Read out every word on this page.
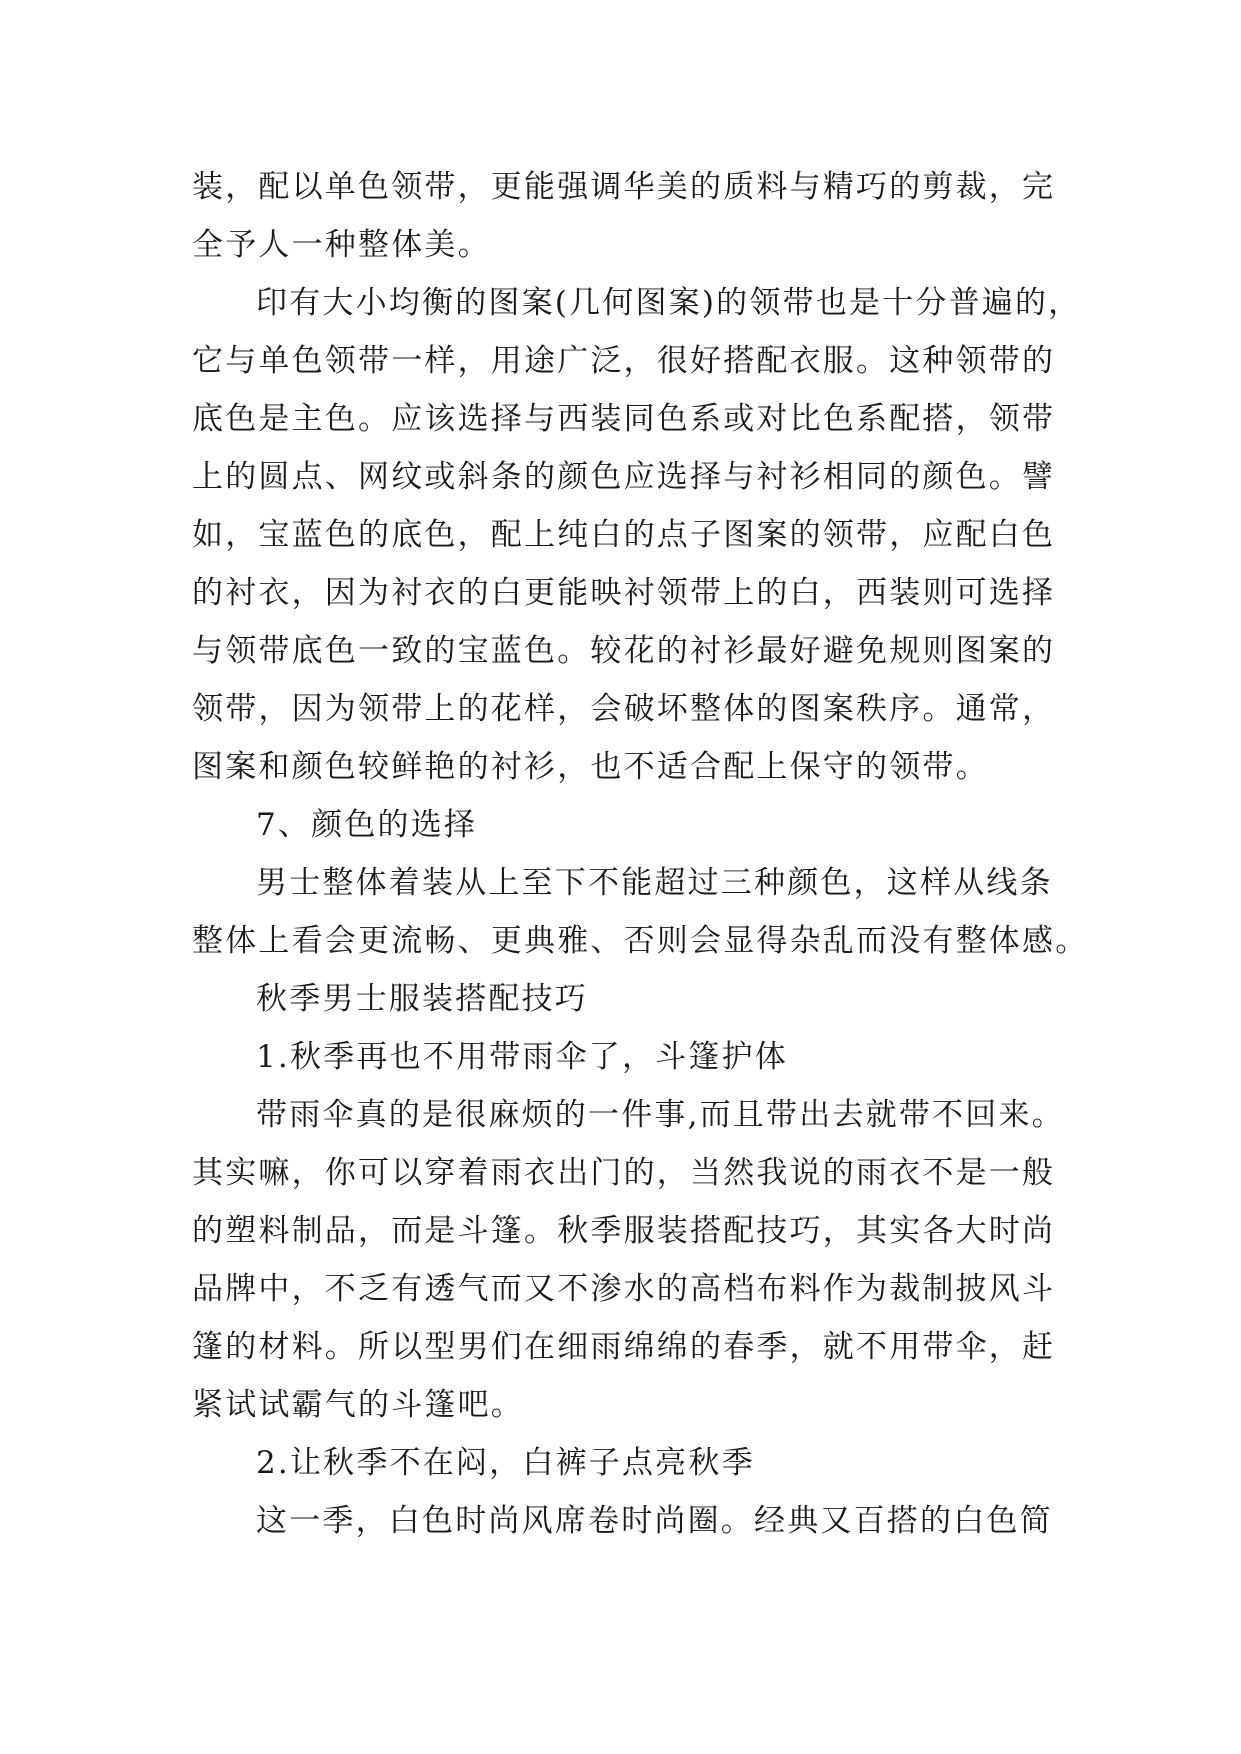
装，配以单色领带，更能强调华美的质料与精巧的剪裁，完
全予人一种整体美。
印有大小均衡的图案(几何图案)的领带也是十分普遍的，
它与单色领带一样，用途广泛，很好搭配衣服。这种领带的
底色是主色。应该选择与西装同色系或对比色系配搭，领带
上的圆点、网纹或斜条的颜色应选择与衬衫相同的颜色。譬
如，宝蓝色的底色，配上纯白的点子图案的领带，应配白色
的衬衣，因为衬衣的白更能映衬领带上的白，西装则可选择
与领带底色一致的宝蓝色。较花的衬衫最好避免规则图案的
领带，因为领带上的花样，会破坏整体的图案秩序。通常，
图案和颜色较鲜艳的衬衫，也不适合配上保守的领带。
7、颜色的选择
男士整体着装从上至下不能超过三种颜色，这样从线条
整体上看会更流畅、更典雅、否则会显得杂乱而没有整体感。
秋季男士服装搭配技巧
1.秋季再也不用带雨伞了，斗篷护体
带雨伞真的是很麻烦的一件事,而且带出去就带不回来。
其实嘛，你可以穿着雨衣出门的，当然我说的雨衣不是一般
的塑料制品，而是斗篷。秋季服装搭配技巧，其实各大时尚
品牌中，不乏有透气而又不渗水的高档布料作为裁制披风斗
篷的材料。所以型男们在细雨绵绵的春季，就不用带伞，赶
紧试试霸气的斗篷吧。
2.让秋季不在闷，白裤子点亮秋季
这一季，白色时尚风席卷时尚圈。经典又百搭的白色简
